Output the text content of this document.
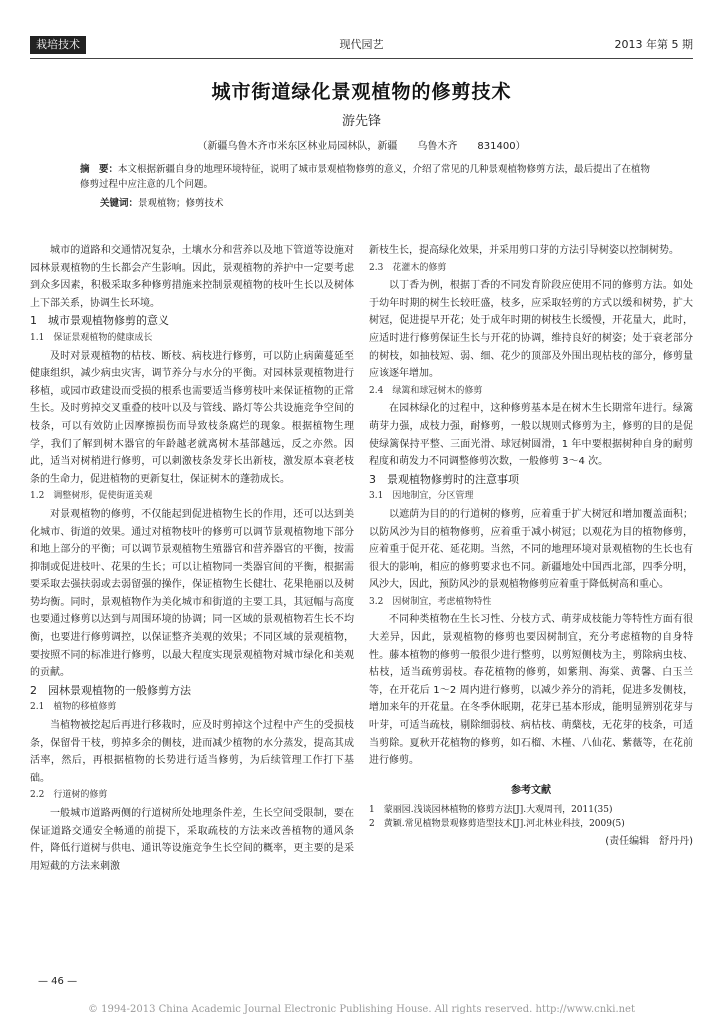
栽培技术	现代园艺	2013 年第 5 期
城市街道绿化景观植物的修剪技术
游先锋
（新疆乌鲁木齐市米东区林业局园林队，新疆　　乌鲁木齐　　831400）
摘　要：本文根据新疆自身的地理环境特征，说明了城市景观植物修剪的意义，介绍了常见的几种景观植物修剪方法，最后提出了在植物修剪过程中应注意的几个问题。
关键词：景观植物；修剪技术

城市的道路和交通情况复杂，土壤水分和营养以及地下管道等设施对园林景观植物的生长都会产生影响。因此，景观植物的养护中一定要考虑到众多因素，积极采取多种修剪措施来控制景观植物的枝叶生长以及树体上下部关系，协调生长环境。

1　城市景观植物修剪的意义

1.1　保证景观植物的健康成长

及时对景观植物的枯枝、断枝、病枝进行修剪，可以防止病菌蔓延至健康组织，减少病虫灾害，调节养分与水分的平衡。对园林景观植物进行移植，或园市政建设而受损的根系也需要适当修剪枝叶来保证植物的正常生长。及时剪掉交叉重叠的枝叶以及与管线、路灯等公共设施竞争空间的枝条，可以有效防止因摩擦损伤而导致枝条腐烂的现象。根据植物生理学，我们了解到树木器官的年龄越老就离树木基部越远，反之亦然。因此，适当对树梢进行修剪，可以刺激枝条发芽长出新枝，激发原本衰老枝条的生命力，促进植物的更新复壮，保证树木的蓬勃成长。

1.2　调整树形，促使街道美观

对景观植物的修剪，不仅能起到促进植物生长的作用，还可以达到美化城市、街道的效果。通过对植物枝叶的修剪可以调节景观植物地下部分和地上部分的平衡；可以调节景观植物生殖器官和营养器官的平衡，按需抑制或促进枝叶、花果的生长；可以让植物同一类器官间的平衡，根据需要采取去强扶弱或去弱留强的操作，保证植物生长健壮、花果艳丽以及树势均衡。同时，景观植物作为美化城市和街道的主要工具，其冠幅与高度也要通过修剪以达到与周围环境的协调；同一区域的景观植物若生长不均衡，也要进行修剪调控，以保证整齐美观的效果；不同区域的景观植物，要按照不同的标准进行修剪，以最大程度实现景观植物对城市绿化和美观的贡献。

2　园林景观植物的一般修剪方法

2.1　植物的移植修剪

当植物被挖起后再进行移栽时，应及时剪掉这个过程中产生的受损枝条，保留骨干枝，剪掉多余的侧枝，进而减少植物的水分蒸发，提高其成活率，然后，再根据植物的长势进行适当修剪，为后续管理工作打下基础。

2.2　行道树的修剪

一般城市道路两侧的行道树所处地理条件差，生长空间受限制，要在保证道路交通安全畅通的前提下，采取疏枝的方法来改善植物的通风条件，降低行道树与供电、通讯等设施竞争生长空间的概率，更主要的是采用短截的方法来刺激

新枝生长，提高绿化效果，并采用剪口芽的方法引导树姿以控制树势。

2.3　花灌木的修剪

以丁香为例，根据丁香的不同发育阶段应使用不同的修剪方法。如处于幼年时期的树生长较旺盛，枝多，应采取轻剪的方式以缓和树势，扩大树冠，促进提早开花；处于成年时期的树枝生长缓慢，开花量大，此时，应适时进行修剪保证生长与开花的协调，维持良好的树姿；处于衰老部分的树枝，如抽枝短、弱、细、花少的顶部及外围出现枯枝的部分，修剪量应该逐年增加。

2.4　绿篱和球冠树木的修剪

在园林绿化的过程中，这种修剪基本是在树木生长期常年进行。绿篱萌芽力强，成枝力强，耐修剪，一般以规则式修剪为主，修剪的目的是促使绿篱保持平整、三面光滑、球冠树圆滑，1 年中要根据树种自身的耐剪程度和萌发力不同调整修剪次数，一般修剪 3～4 次。

3　景观植物修剪时的注意事项

3.1　因地制宜，分区管理

以遮荫为目的的行道树的修剪，应着重于扩大树冠和增加覆盖面积；以防风沙为目的植物修剪，应着重于减小树冠；以观花为目的植物修剪，应着重于促开花、延花期。当然，不同的地理环境对景观植物的生长也有很大的影响，相应的修剪要求也不同。新疆地处中国西北部，四季分明，风沙大，因此，预防风沙的景观植物修剪应着重于降低树高和重心。

3.2　因树制宜，考虑植物特性

不同种类植物在生长习性、分枝方式、萌芽成枝能力等特性方面有很大差异，因此，景观植物的修剪也要因树制宜，充分考虑植物的自身特性。藤本植物的修剪一般很少进行整剪，以剪短侧枝为主，剪除病虫枝、枯枝，适当疏剪弱枝。春花植物的修剪，如紫荆、海棠、黄馨、白玉兰等，在开花后 1～2 周内进行修剪，以减少养分的消耗，促进多发侧枝，增加来年的开花量。在冬季休眠期，花芽已基本形成，能明显辨别花芽与叶芽，可适当疏枝，剔除细弱枝、病枯枝、萌蘖枝，无花芽的枝条，可适当剪除。夏秋开花植物的修剪，如石榴、木槿、八仙花、紫薇等，在花前进行修剪。

参考文献

1　蒙丽园.浅谈园林植物的修剪方法[J].大观周刊，2011(35)

2　黄颖.常见植物景观修剪造型技术[J].河北林业科技，2009(5)

(责任编辑　舒丹丹)

— 46 —
© 1994-2013 China Academic Journal Electronic Publishing House. All rights reserved. http://www.cnki.net
